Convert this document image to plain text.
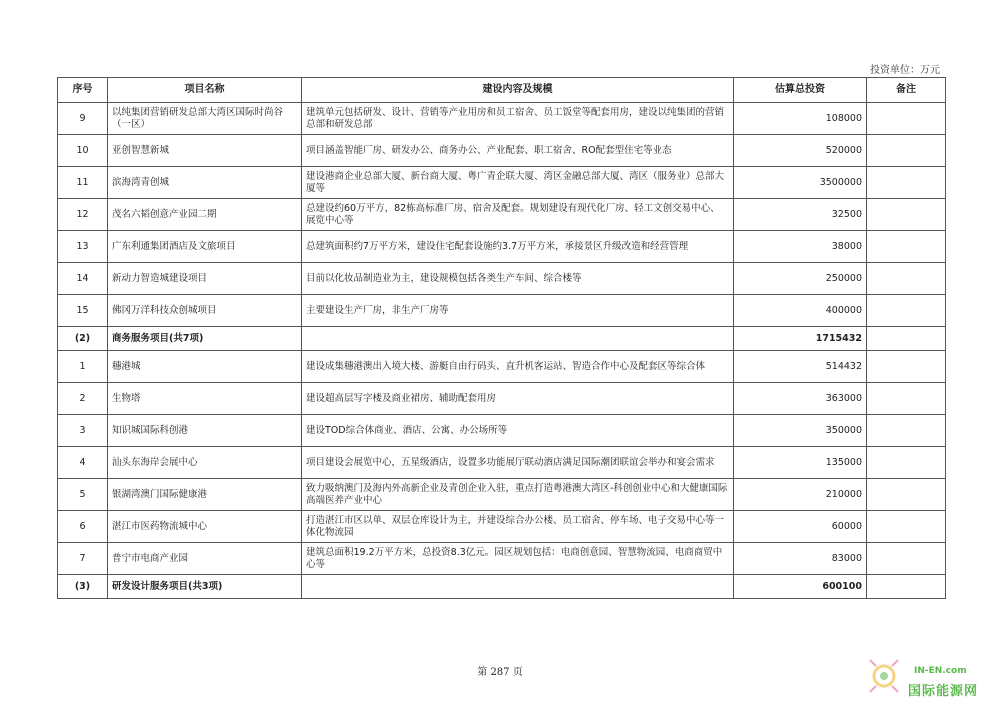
投资单位：万元
序号	项目名称	建设内容及规模	估算总投资	备注
9	以纯集团营销研发总部大湾区国际时尚谷（一区）	建筑单元包括研发、设计、营销等产业用房和员工宿舍、员工饭堂等配套用房，建设以纯集团的营销总部和研发总部	108000	
10	亚创智慧新城	项目涵盖智能厂房、研发办公、商务办公、产业配套、职工宿舍、RO配套型住宅等业态	520000	
11	滨海湾青创城	建设港商企业总部大厦、新台商大厦、粤广青企联大厦、湾区金融总部大厦、湾区（服务业）总部大厦等	3500000	
12	茂名六韬创意产业园二期	总建设约60万平方，82栋高标准厂房、宿舍及配套。规划建设有现代化厂房、轻工文创交易中心、展览中心等	32500	
13	广东利通集团酒店及文旅项目	总建筑面积约7万平方米，建设住宅配套设施约3.7万平方米，承接景区升级改造和经营管理	38000	
14	新动力智造城建设项目	目前以化妆品制造业为主，建设规模包括各类生产车间、综合楼等	250000	
15	佛冈万洋科技众创城项目	主要建设生产厂房，非生产厂房等	400000	
(2)	商务服务项目(共7项)		1715432	
1	穗港城	建设成集穗港澳出入境大楼、游艇自由行码头、直升机客运站、智造合作中心及配套区等综合体	514432	
2	生物塔	建设超高层写字楼及商业裙房、辅助配套用房	363000	
3	知识城国际科创港	建设TOD综合体商业、酒店、公寓、办公场所等	350000	
4	汕头东海岸会展中心	项目建设会展览中心，五星级酒店，设置多功能展厅联动酒店满足国际潮团联谊会举办和宴会需求	135000	
5	银湖湾澳门国际健康港	致力吸纳澳门及海内外高新企业及青创企业入驻，重点打造粤港澳大湾区-科创创业中心和大健康国际高端医养产业中心	210000	
6	湛江市医药物流城中心	打造湛江市区以单、双层仓库设计为主，并建设综合办公楼、员工宿舍、停车场、电子交易中心等一体化物流园	60000	
7	普宁市电商产业园	建筑总面积19.2万平方米，总投资8.3亿元。园区规划包括：电商创意园、智慧物流园、电商商贸中心等	83000	
(3)	研发设计服务项目(共3项)		600100	
第 287 页	IN-EN.com
国际能源网
